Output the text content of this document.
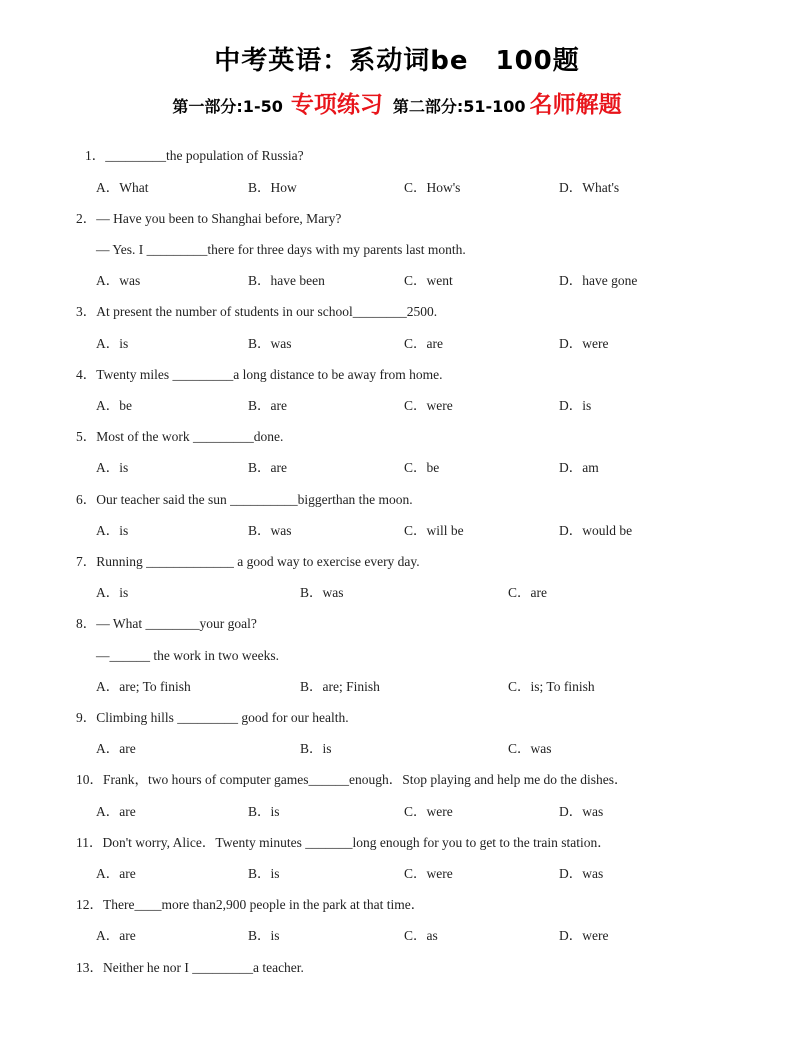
中考英语：系动词be　100题
第一部分:1-50 专项练习 第二部分:51-100 名师解题
1．_________the population of Russia?
A．What	B．How	C．How's	D．What's
2．— Have you been to Shanghai before, Mary?
— Yes. I _________there for three days with my parents last month.
A．was	B．have been	C．went	D．have gone
3．At present the number of students in our school________2500.
A．is	B．was	C．are	D．were
4．Twenty miles _________a long distance to be away from home.
A．be	B．are	C．were	D．is
5．Most of the work _________done.
A．is	B．are	C．be	D．am
6．Our teacher said the sun __________biggerthan the moon.
A．is	B．was	C．will be	D．would be
7．Running _____________ a good way to exercise every day.
A．is	B．was	C．are
8．— What ________your goal?
—______ the work in two weeks.
A．are; To finish	B．are; Finish	C．is; To finish
9．Climbing hills _________ good for our health.
A．are	B．is	C．was
10．Frank，two hours of computer games______enough．Stop playing and help me do the dishes．
A．are	B．is	C．were	D．was
11．Don't worry, Alice．Twenty minutes _______long enough for you to get to the train station．
A．are	B．is	C．were	D．was
12．There____more than2,900 people in the park at that time．
A．are	B．is	C．as	D．were
13．Neither he nor I _________a teacher.
